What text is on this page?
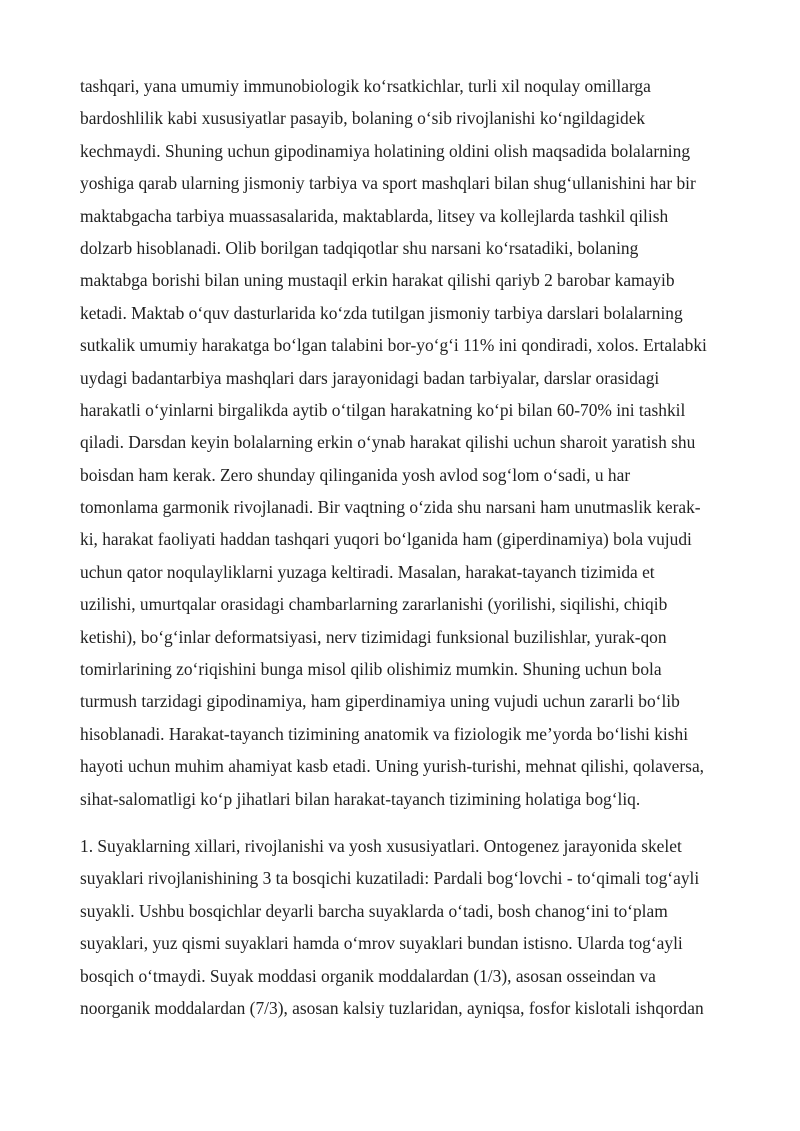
tashqari, yana umumiy immunobiologik ko‘rsatkichlar, turli xil noqulay omillarga
bardoshlilik kabi xususiyatlar pasayib, bolaning o‘sib rivojlanishi ko‘ngildagidek
kechmaydi. Shuning uchun gipodinamiya holatining oldini olish maqsadida bolalarning
yoshiga qarab ularning jismoniy tarbiya va sport mashqlari bilan shug‘ullanishini har bir
maktabgacha tarbiya muassasalarida, maktablarda, litsey va kollejlarda tashkil qilish
dolzarb hisoblanadi. Olib borilgan tadqiqotlar shu narsani ko‘rsatadiki, bolaning
maktabga borishi bilan uning mustaqil erkin harakat qilishi qariyb 2 barobar kamayib
ketadi. Maktab o‘quv dasturlarida ko‘zda tutilgan jismoniy tarbiya darslari bolalarning
sutkalik umumiy harakatga bo‘lgan talabini bor-yo‘g‘i 11% ini qondiradi, xolos. Ertalabki
uydagi badantarbiya mashqlari dars jarayonidagi badan tarbiyalar, darslar orasidagi
harakatli o‘yinlarni birgalikda aytib o‘tilgan harakatning ko‘pi bilan 60-70% ini tashkil
qiladi. Darsdan keyin bolalarning erkin o‘ynab harakat qilishi uchun sharoit yaratish shu
boisdan ham kerak. Zero shunday qilinganida yosh avlod sog‘lom o‘sadi, u har
tomonlama garmonik rivojlanadi. Bir vaqtning o‘zida shu narsani ham unutmaslik kerak-
ki, harakat faoliyati haddan tashqari yuqori bo‘lganida ham (giperdinamiya) bola vujudi
uchun qator noqulayliklarni yuzaga keltiradi. Masalan, harakat-tayanch tizimida et
uzilishi, umurtqalar orasidagi chambarlarning zararlanishi (yorilishi, siqilishi, chiqib
ketishi), bo‘g‘inlar deformatsiyasi, nerv tizimidagi funksional buzilishlar, yurak-qon
tomirlarining zo‘riqishini bunga misol qilib olishimiz mumkin. Shuning uchun bola
turmush tarzidagi gipodinamiya, ham giperdinamiya uning vujudi uchun zararli bo‘lib
hisoblanadi. Harakat-tayanch tizimining anatomik va fiziologik me’yorda bo‘lishi kishi
hayoti uchun muhim ahamiyat kasb etadi. Uning yurish-turishi, mehnat qilishi, qolaversa,
sihat-salomatligi ko‘p jihatlari bilan harakat-tayanch tizimining holatiga bog‘liq.
1. Suyaklarning xillari, rivojlanishi va yosh xususiyatlari. Ontogenez jarayonida skelet
suyaklari rivojlanishining 3 ta bosqichi kuzatiladi: Pardali bog‘lovchi - to‘qimali tog‘ayli
suyakli. Ushbu bosqichlar deyarli barcha suyaklarda o‘tadi, bosh chanog‘ini to‘plam
suyaklari, yuz qismi suyaklari hamda o‘mrov suyaklari bundan istisno. Ularda tog‘ayli
bosqich o‘tmaydi. Suyak moddasi organik moddalardan (1/3), asosan osseindan va
noorganik moddalardan (7/3), asosan kalsiy tuzlaridan, ayniqsa, fosfor kislotali ishqordan
